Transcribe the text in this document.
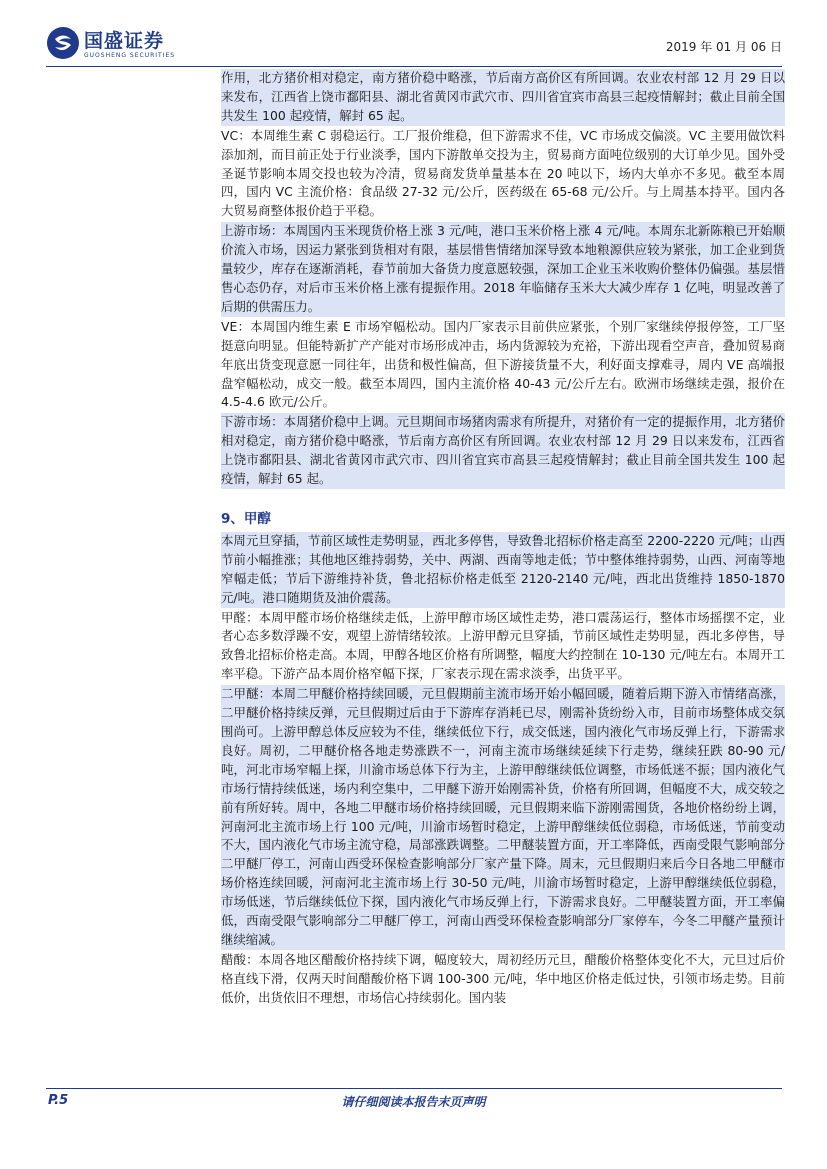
国盛证券
GUOSHENG SECURITIES
2019 年 01 月 06 日

作用，北方猪价相对稳定，南方猪价稳中略涨，节后南方高价区有所回调。农业农村部 12 月 29 日以来发布，江西省上饶市鄱阳县、湖北省黄冈市武穴市、四川省宜宾市高县三起疫情解封；截止目前全国共发生 100 起疫情，解封 65 起。

VC：本周维生素 C 弱稳运行。工厂报价维稳，但下游需求不佳，VC 市场成交偏淡。VC 主要用做饮料添加剂，而目前正处于行业淡季，国内下游散单交投为主，贸易商方面吨位级别的大订单少见。国外受圣诞节影响本周交投也较为冷清，贸易商发货单量基本在 20 吨以下，场内大单亦不多见。截至本周四，国内 VC 主流价格：食品级 27-32 元/公斤，医药级在 65-68 元/公斤。与上周基本持平。国内各大贸易商整体报价趋于平稳。

上游市场：本周国内玉米现货价格上涨 3 元/吨，港口玉米价格上涨 4 元/吨。本周东北新陈粮已开始顺价流入市场，因运力紧张到货相对有限，基层惜售情绪加深导致本地粮源供应较为紧张，加工企业到货量较少，库存在逐渐消耗，春节前加大备货力度意愿较强，深加工企业玉米收购价整体仍偏强。基层惜售心态仍存，对后市玉米价格上涨有提振作用。2018 年临储存玉米大大减少库存 1 亿吨，明显改善了后期的供需压力。

VE：本周国内维生素 E 市场窄幅松动。国内厂家表示目前供应紧张，个别厂家继续停报停签，工厂坚挺意向明显。但能特新扩产产能对市场形成冲击，场内货源较为充裕，下游出现看空声音，叠加贸易商年底出货变现意愿一同往年，出货和极性偏高，但下游接货量不大，利好面支撑难寻，周内 VE 高端报盘窄幅松动，成交一般。截至本周四，国内主流价格 40-43 元/公斤左右。欧洲市场继续走强，报价在 4.5-4.6 欧元/公斤。

下游市场：本周猪价稳中上调。元旦期间市场猪肉需求有所提升，对猪价有一定的提振作用，北方猪价相对稳定，南方猪价稳中略涨，节后南方高价区有所回调。农业农村部 12 月 29 日以来发布，江西省上饶市鄱阳县、湖北省黄冈市武穴市、四川省宜宾市高县三起疫情解封；截止目前全国共发生 100 起疫情，解封 65 起。

9、甲醇

本周元旦穿插，节前区域性走势明显，西北多停售，导致鲁北招标价格走高至 2200-2220 元/吨；山西节前小幅推涨；其他地区维持弱势，关中、两湖、西南等地走低；节中整体维持弱势，山西、河南等地窄幅走低；节后下游维持补货，鲁北招标价格走低至 2120-2140 元/吨，西北出货维持 1850-1870 元/吨。港口随期货及油价震荡。

甲醛：本周甲醛市场价格继续走低，上游甲醇市场区域性走势，港口震荡运行，整体市场摇摆不定，业者心态多数浮躁不安，观望上游情绪较浓。上游甲醇元旦穿插，节前区域性走势明显，西北多停售，导致鲁北招标价格走高。本周，甲醇各地区价格有所调整，幅度大约控制在 10-130 元/吨左右。本周开工率平稳。下游产品本周价格窄幅下探，厂家表示现在需求淡季，出货平平。

二甲醚：本周二甲醚价格持续回暖，元旦假期前主流市场开始小幅回暖，随着后期下游入市情绪高涨，二甲醚价格持续反弹，元旦假期过后由于下游库存消耗已尽，刚需补货纷纷入市，目前市场整体成交氛围尚可。上游甲醇总体反应较为不佳，继续低位下行，成交低迷，国内液化气市场反弹上行，下游需求良好。周初，二甲醚价格各地走势涨跌不一，河南主流市场继续延续下行走势，继续狂跌 80-90 元/吨，河北市场窄幅上探，川渝市场总体下行为主，上游甲醇继续低位调整，市场低迷不振；国内液化气市场行情持续低迷，场内利空集中，二甲醚下游开始刚需补货，价格有所回调，但幅度不大，成交较之前有所好转。周中，各地二甲醚市场价格持续回暖，元旦假期来临下游刚需囤货，各地价格纷纷上调，河南河北主流市场上行 100 元/吨，川渝市场暂时稳定，上游甲醇继续低位弱稳，市场低迷，节前变动不大，国内液化气市场主流守稳，局部涨跌调整。二甲醚装置方面，开工率降低，西南受限气影响部分二甲醚厂停工，河南山西受环保检查影响部分厂家产量下降。周末，元旦假期归来后今日各地二甲醚市场价格连续回暖，河南河北主流市场上行 30-50 元/吨，川渝市场暂时稳定，上游甲醇继续低位弱稳，市场低迷，节后继续低位下探，国内液化气市场反弹上行，下游需求良好。二甲醚装置方面，开工率偏低，西南受限气影响部分二甲醚厂停工，河南山西受环保检查影响部分厂家停车，今冬二甲醚产量预计继续缩减。

醋酸：本周各地区醋酸价格持续下调，幅度较大，周初经历元旦，醋酸价格整体变化不大，元旦过后价格直线下滑，仅两天时间醋酸价格下调 100-300 元/吨，华中地区价格走低过快，引领市场走势。目前低价，出货依旧不理想，市场信心持续弱化。国内装

P.5	请仔细阅读本报告末页声明
